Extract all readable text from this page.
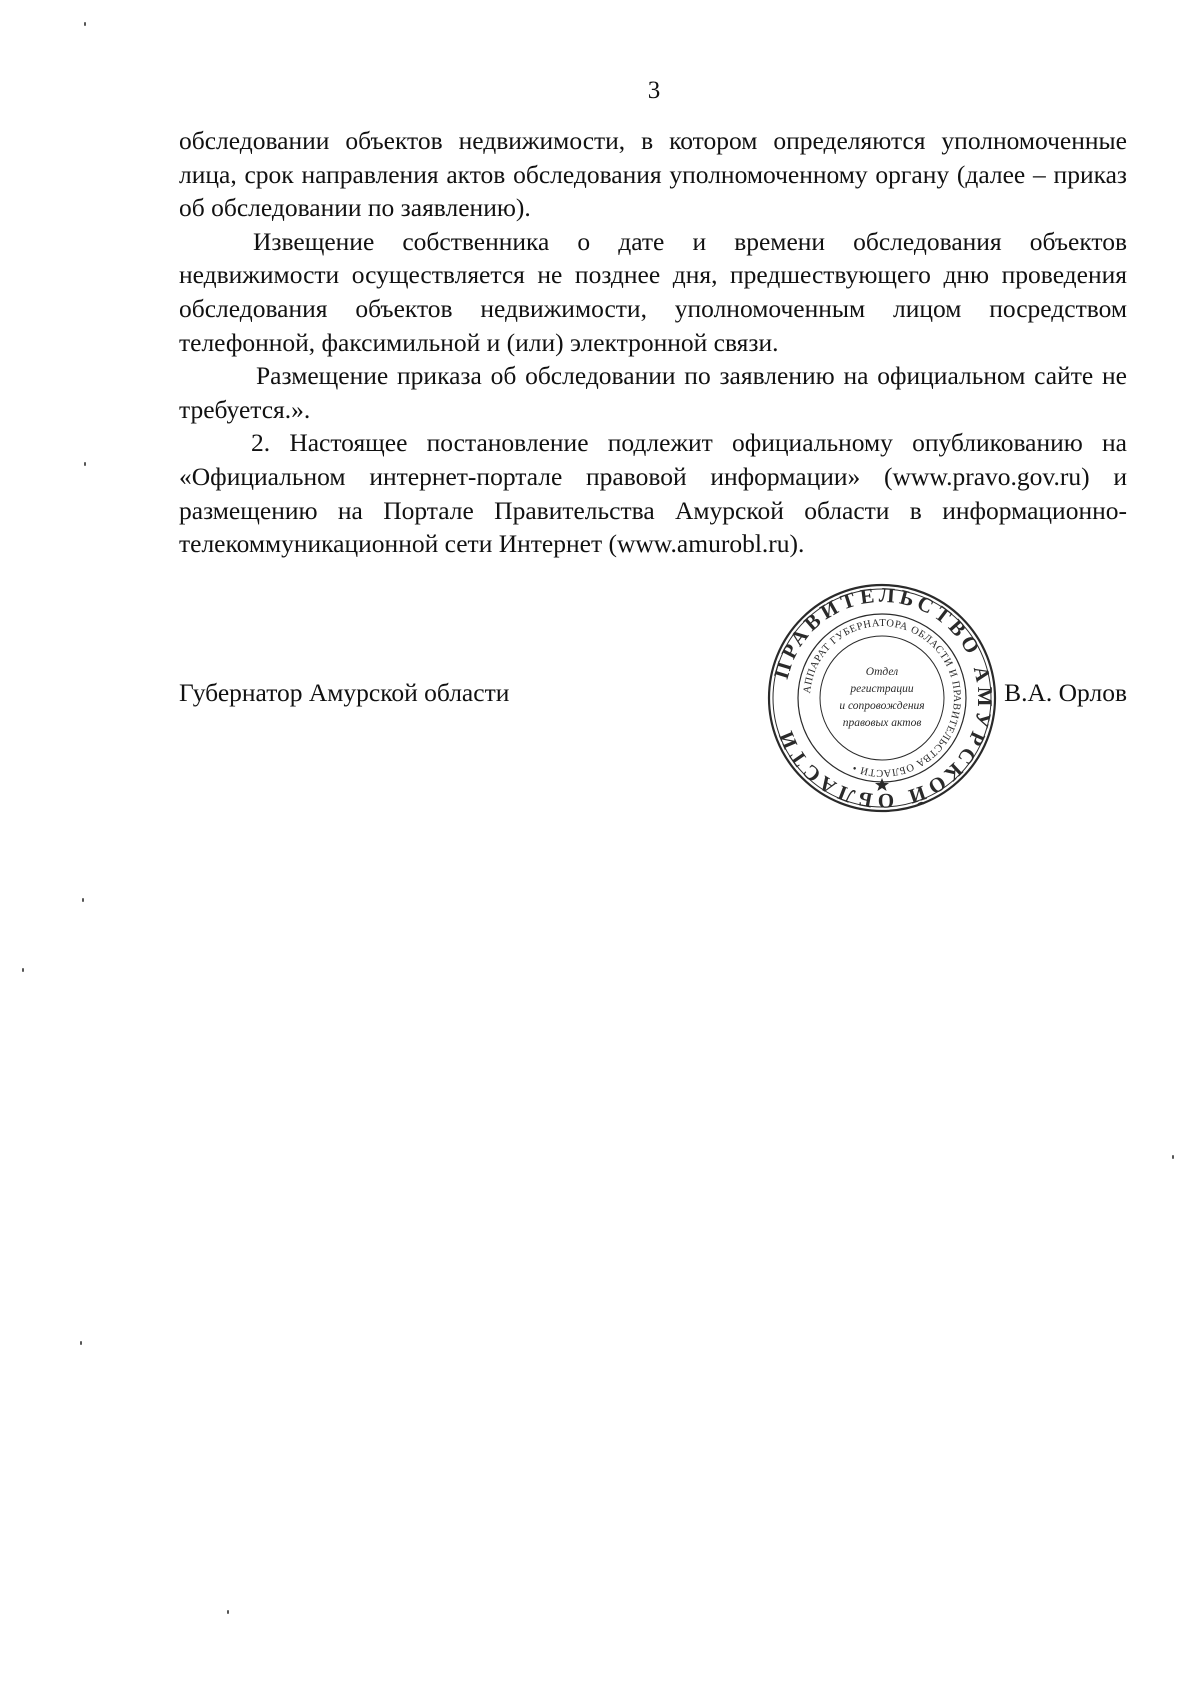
3

обследовании объектов недвижимости, в котором определяются уполномоченные лица, срок направления актов обследования уполномоченному органу (далее – приказ об обследовании по заявлению).

Извещение собственника о дате и времени обследования объектов недвижимости осуществляется не позднее дня, предшествующего дню проведения обследования объектов недвижимости, уполномоченным лицом посредством телефонной, факсимильной и (или) электронной связи.

Размещение приказа об обследовании по заявлению на официальном сайте не требуется.».

2. Настоящее постановление подлежит официальному опубликованию на «Официальном интернет-портале правовой информации» (www.pravo.gov.ru) и размещению на Портале Правительства Амурской области в информационно-телекоммуникационной сети Интернет (www.amurobl.ru).

Губернатор Амурской области	В.А. Орлов
ПРАВИТЕЛЬСТВО АМУРСКОЙ ОБЛАСТИ
АППАРАТ ГУБЕРНАТОРА ОБЛАСТИ И ПРАВИТЕЛЬСТВА ОБЛАСТИ •
Отдел
регистрации
и сопровождения
правовых актов
